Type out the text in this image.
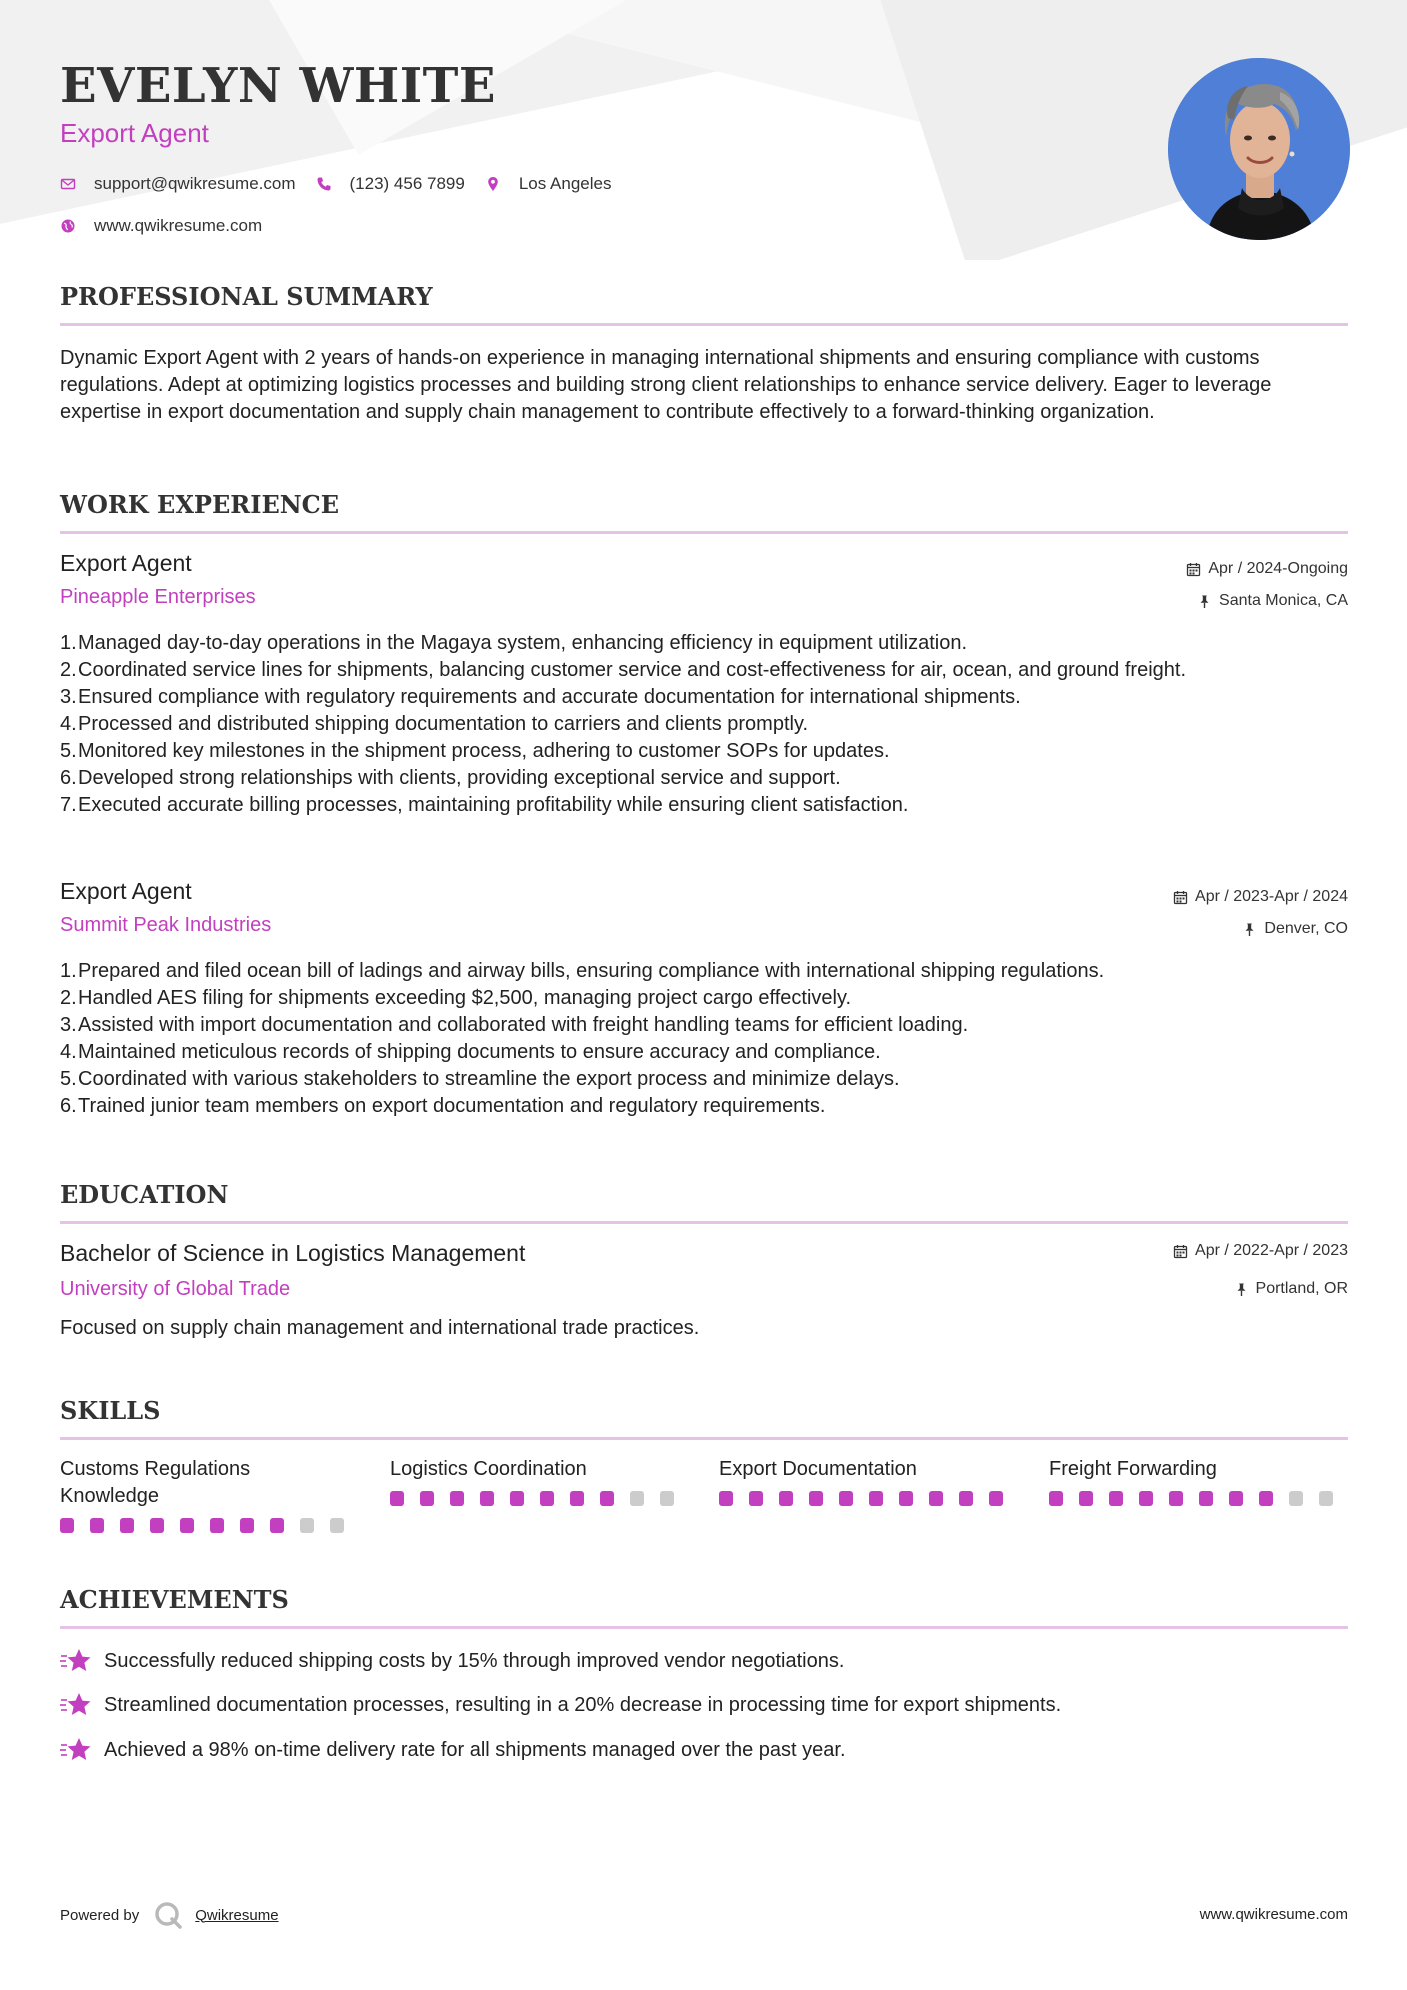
EVELYN WHITE
Export Agent
support@qwikresume.com	(123) 456 7899	Los Angeles
www.qwikresume.com
PROFESSIONAL SUMMARY
Dynamic Export Agent with 2 years of hands-on experience in managing international shipments and ensuring compliance with customs regulations. Adept at optimizing logistics processes and building strong client relationships to enhance service delivery. Eager to leverage expertise in export documentation and supply chain management to contribute effectively to a forward-thinking organization.
WORK EXPERIENCE
Export Agent
Pineapple Enterprises
Apr / 2024-Ongoing
Santa Monica, CA
1. Managed day-to-day operations in the Magaya system, enhancing efficiency in equipment utilization.
2. Coordinated service lines for shipments, balancing customer service and cost-effectiveness for air, ocean, and ground freight.
3. Ensured compliance with regulatory requirements and accurate documentation for international shipments.
4. Processed and distributed shipping documentation to carriers and clients promptly.
5. Monitored key milestones in the shipment process, adhering to customer SOPs for updates.
6. Developed strong relationships with clients, providing exceptional service and support.
7. Executed accurate billing processes, maintaining profitability while ensuring client satisfaction.
Export Agent
Summit Peak Industries
Apr / 2023-Apr / 2024
Denver, CO
1. Prepared and filed ocean bill of ladings and airway bills, ensuring compliance with international shipping regulations.
2. Handled AES filing for shipments exceeding $2,500, managing project cargo effectively.
3. Assisted with import documentation and collaborated with freight handling teams for efficient loading.
4. Maintained meticulous records of shipping documents to ensure accuracy and compliance.
5. Coordinated with various stakeholders to streamline the export process and minimize delays.
6. Trained junior team members on export documentation and regulatory requirements.
EDUCATION
Bachelor of Science in Logistics Management
University of Global Trade
Apr / 2022-Apr / 2023
Portland, OR
Focused on supply chain management and international trade practices.
SKILLS
Customs Regulations Knowledge
Logistics Coordination	Export Documentation	Freight Forwarding
ACHIEVEMENTS
Successfully reduced shipping costs by 15% through improved vendor negotiations.
Streamlined documentation processes, resulting in a 20% decrease in processing time for export shipments.
Achieved a 98% on-time delivery rate for all shipments managed over the past year.
Powered by	Qwikresume	www.qwikresume.com
